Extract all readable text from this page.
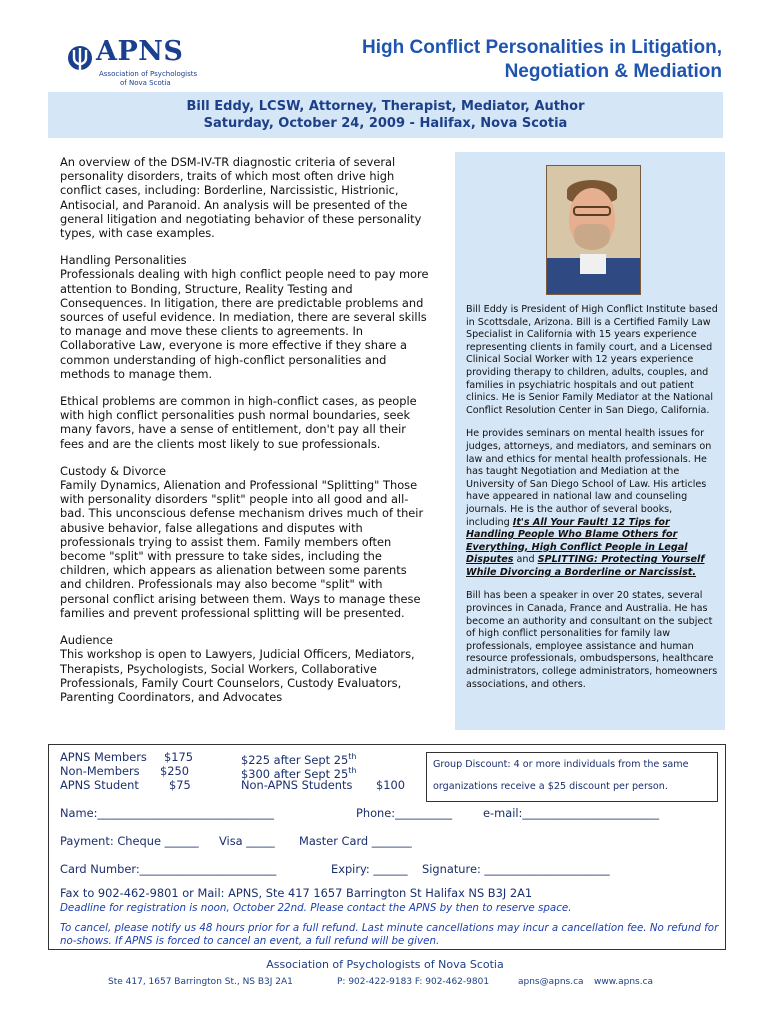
APNS
Association of Psychologists
of Nova Scotia
High Conflict Personalities in Litigation,
Negotiation & Mediation
Bill Eddy, LCSW, Attorney, Therapist, Mediator, Author
Saturday, October 24, 2009 - Halifax, Nova Scotia

An overview of the DSM-IV-TR diagnostic criteria of several personality disorders, traits of which most often drive high conflict cases, including: Borderline, Narcissistic, Histrionic, Antisocial, and Paranoid. An analysis will be presented of the general litigation and negotiating behavior of these personality types, with case examples.

Handling Personalities
Professionals dealing with high conflict people need to pay more attention to Bonding, Structure, Reality Testing and Consequences. In litigation, there are predictable problems and sources of useful evidence. In mediation, there are several skills to manage and move these clients to agreements. In Collaborative Law, everyone is more effective if they share a common understanding of high-conflict personalities and methods to manage them.

Ethical problems are common in high-conflict cases, as people with high conflict personalities push normal boundaries, seek many favors, have a sense of entitlement, don't pay all their fees and are the clients most likely to sue professionals.

Custody & Divorce
Family Dynamics, Alienation and Professional "Splitting" Those with personality disorders "split" people into all good and all-bad. This unconscious defense mechanism drives much of their abusive behavior, false allegations and disputes with professionals trying to assist them. Family members often become "split" with pressure to take sides, including the children, which appears as alienation between some parents and children. Professionals may also become "split" with personal conflict arising between them. Ways to manage these families and prevent professional splitting will be presented.

Audience
This workshop is open to Lawyers, Judicial Officers, Mediators, Therapists, Psychologists, Social Workers, Collaborative Professionals, Family Court Counselors, Custody Evaluators, Parenting Coordinators, and Advocates

Bill Eddy is President of High Conflict Institute based in Scottsdale, Arizona. Bill is a Certified Family Law Specialist in California with 15 years experience representing clients in family court, and a Licensed Clinical Social Worker with 12 years experience providing therapy to children, adults, couples, and families in psychiatric hospitals and out patient clinics. He is Senior Family Mediator at the National Conflict Resolution Center in San Diego, California.

He provides seminars on mental health issues for judges, attorneys, and mediators, and seminars on law and ethics for mental health professionals. He has taught Negotiation and Mediation at the University of San Diego School of Law. His articles have appeared in national law and counseling journals. He is the author of several books, including It's All Your Fault! 12 Tips for Handling People Who Blame Others for Everything, High Conflict People in Legal Disputes and SPLITTING: Protecting Yourself While Divorcing a Borderline or Narcissist.

Bill has been a speaker in over 20 states, several provinces in Canada, France and Australia. He has become an authority and consultant on the subject of high conflict personalities for family law professionals, employee assistance and human resource professionals, ombudspersons, healthcare administrators, college administrators, homeowners associations, and others.

APNS Members $175	$225 after Sept 25th
Non-Members $250	$300 after Sept 25th
APNS Student	$75	Non-APNS Students $100
Group Discount: 4 or more individuals from the same
organizations receive a $25 discount per person.
Name:_______________________________	Phone:__________	e-mail:________________________
Payment: Cheque ______ Visa _____ Master Card _______
Card Number:________________________	Expiry: ______ Signature: ______________________
Fax to 902-462-9801 or Mail: APNS, Ste 417 1657 Barrington St Halifax NS B3J 2A1
Deadline for registration is noon, October 22nd. Please contact the APNS by then to reserve space.
To cancel, please notify us 48 hours prior for a full refund. Last minute cancellations may incur a cancellation fee. No refund for no-shows. If APNS is forced to cancel an event, a full refund will be given.
Association of Psychologists of Nova Scotia
Ste 417, 1657 Barrington St., NS B3J 2A1	P: 902-422-9183 F: 902-462-9801	apns@apns.ca www.apns.ca
